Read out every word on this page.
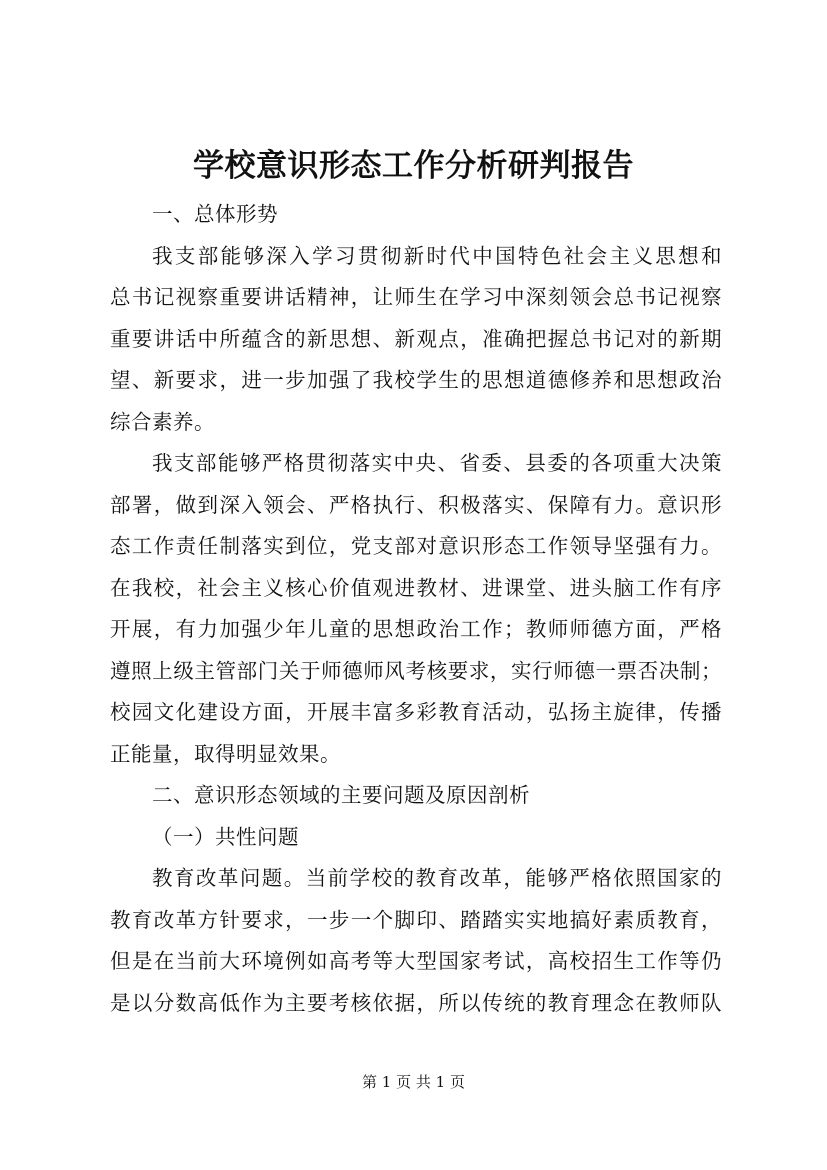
学校意识形态工作分析研判报告
一、总体形势
我支部能够深入学习贯彻新时代中国特色社会主义思想和
总书记视察重要讲话精神，让师生在学习中深刻领会总书记视察
重要讲话中所蕴含的新思想、新观点，准确把握总书记对的新期
望、新要求，进一步加强了我校学生的思想道德修养和思想政治
综合素养。
我支部能够严格贯彻落实中央、省委、县委的各项重大决策
部署，做到深入领会、严格执行、积极落实、保障有力。意识形
态工作责任制落实到位，党支部对意识形态工作领导坚强有力。
在我校，社会主义核心价值观进教材、进课堂、进头脑工作有序
开展，有力加强少年儿童的思想政治工作；教师师德方面，严格
遵照上级主管部门关于师德师风考核要求，实行师德一票否决制；
校园文化建设方面，开展丰富多彩教育活动，弘扬主旋律，传播
正能量，取得明显效果。
二、意识形态领域的主要问题及原因剖析
（一）共性问题
教育改革问题。当前学校的教育改革，能够严格依照国家的
教育改革方针要求，一步一个脚印、踏踏实实地搞好素质教育，
但是在当前大环境例如高考等大型国家考试，高校招生工作等仍
是以分数高低作为主要考核依据，所以传统的教育理念在教师队
第 1 页 共 1 页
